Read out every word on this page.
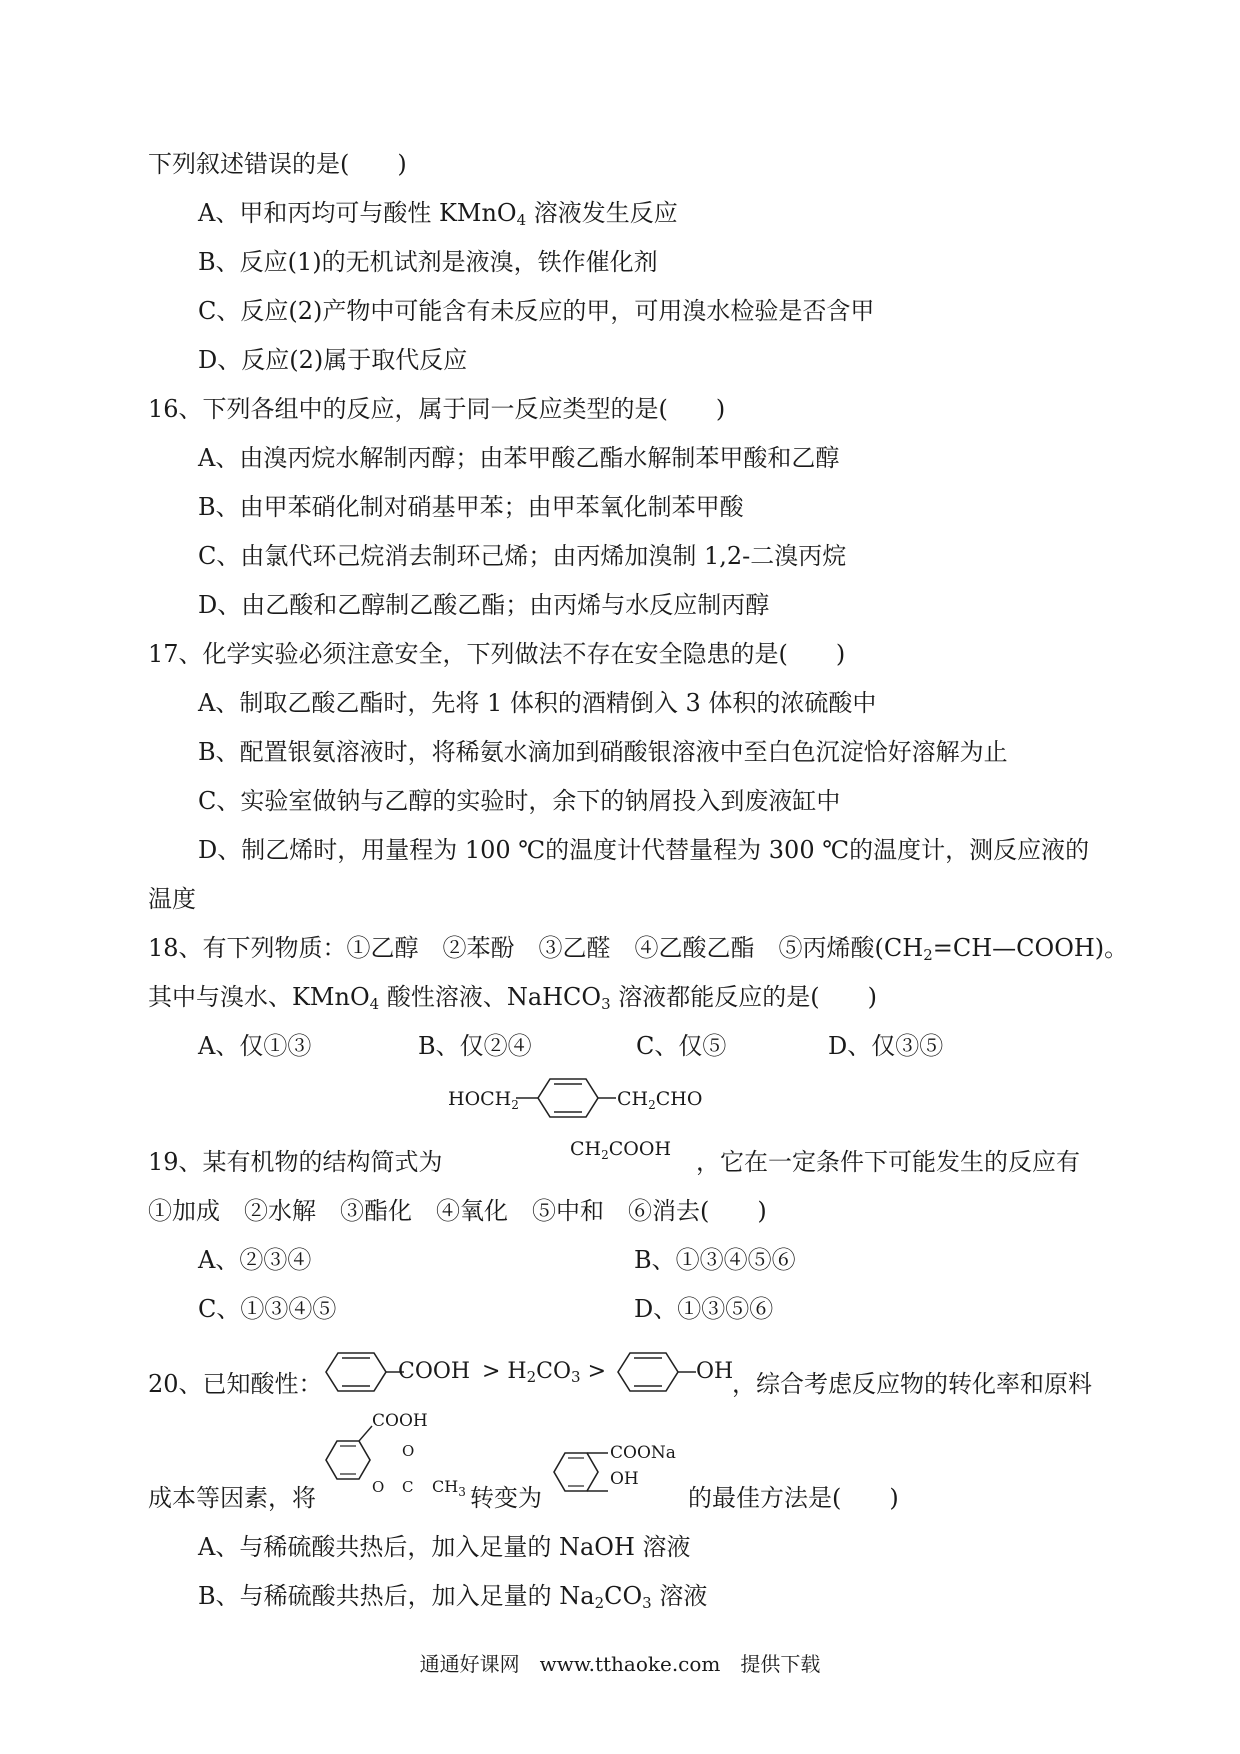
下列叙述错误的是(　　)
A、甲和丙均可与酸性 KMnO$_4$ 溶液发生反应
B、反应(1)的无机试剂是液溴，铁作催化剂
C、反应(2)产物中可能含有未反应的甲，可用溴水检验是否含甲
D、反应(2)属于取代反应
16、下列各组中的反应，属于同一反应类型的是(　　)
A、由溴丙烷水解制丙醇；由苯甲酸乙酯水解制苯甲酸和乙醇
B、由甲苯硝化制对硝基甲苯；由甲苯氧化制苯甲酸
C、由氯代环己烷消去制环己烯；由丙烯加溴制 1,2-二溴丙烷
D、由乙酸和乙醇制乙酸乙酯；由丙烯与水反应制丙醇
17、化学实验必须注意安全，下列做法不存在安全隐患的是(　　)
A、制取乙酸乙酯时，先将 1 体积的酒精倒入 3 体积的浓硫酸中
B、配置银氨溶液时，将稀氨水滴加到硝酸银溶液中至白色沉淀恰好溶解为止
C、实验室做钠与乙醇的实验时，余下的钠屑投入到废液缸中
D、制乙烯时，用量程为 100 ℃的温度计代替量程为 300 ℃的温度计，测反应液的
温度
18、有下列物质：①乙醇　②苯酚　③乙醛　④乙酸乙酯　⑤丙烯酸$(CH_2=CH—COOH)$。
其中与溴水、KMnO$_4$ 酸性溶液、NaHCO$_3$ 溶液都能反应的是(　　)
A、仅①③	B、仅②④	C、仅⑤	D、仅③⑤
$HOCH_2$	$CH_2CHO$
$CH_2COOH$
19、某有机物的结构简式为	，它在一定条件下可能发生的反应有
①加成　②水解　③酯化　④氧化　⑤中和　⑥消去(　　)
A、②③④	B、①③④⑤⑥
C、①③④⑤	D、①③⑤⑥
20、已知酸性：	COOH > $H_2CO_3$ >	OH
，综合考虑反应物的转化率和原料
COOH
O
O C $CH_3$
成本等因素，将	转变为
COONa
OH
的最佳方法是(　　)
A、与稀硫酸共热后，加入足量的 NaOH 溶液
B、与稀硫酸共热后，加入足量的 $Na_2CO_3$ 溶液
通通好课网　www.tthaoke.com　提供下载
